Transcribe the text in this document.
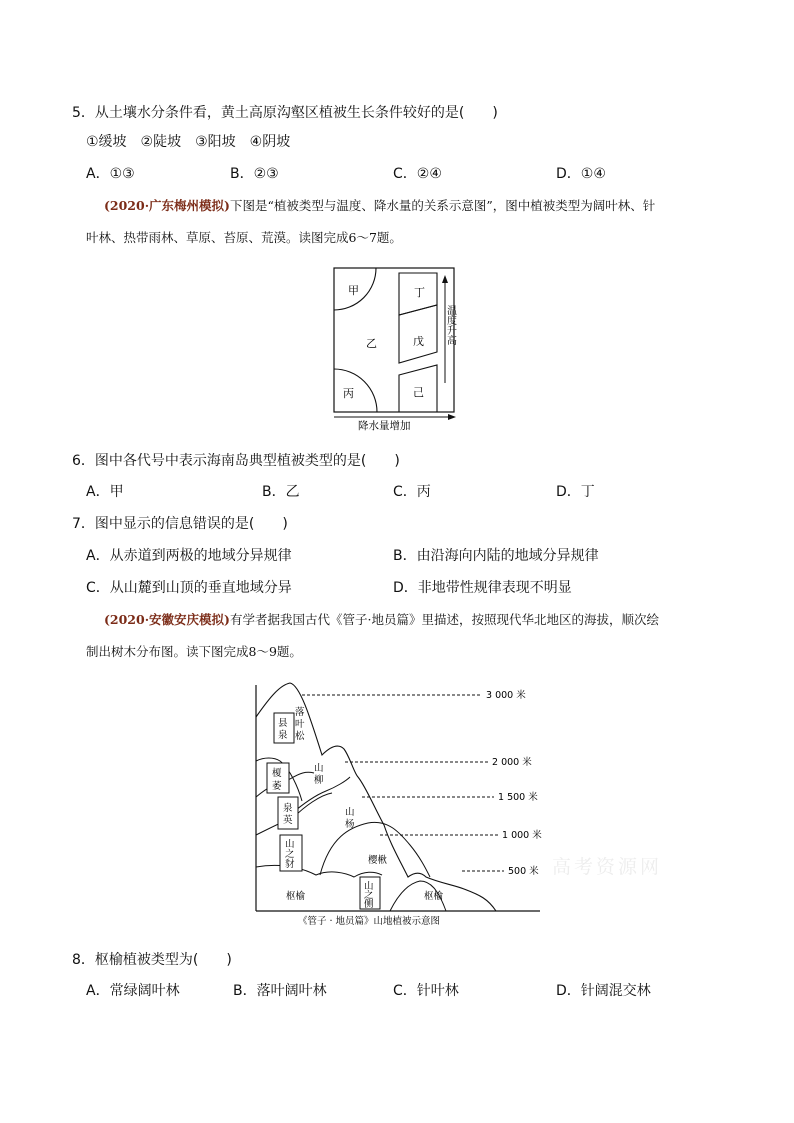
5．从土壤水分条件看，黄土高原沟壑区植被生长条件较好的是(　　)
①缓坡　②陡坡　③阳坡　④阴坡
A．①③	B．②③	C．②④	D．①④
(2020·广东梅州模拟)下图是“植被类型与温度、降水量的关系示意图”，图中植被类型为阔叶林、针
叶林、热带雨林、草原、苔原、荒漠。读图完成6～7题。
甲
乙
丙
丁
戊
己
温度升高
降水量增加
6．图中各代号中表示海南岛典型植被类型的是(　　)
A．甲	B．乙	C．丙	D．丁
7．图中显示的信息错误的是(　　)
A．从赤道到两极的地域分异规律	B．由沿海向内陆的地域分异规律
C．从山麓到山顶的垂直地域分异	D．非地带性规律表现不明显
(2020·安徽安庆模拟)有学者据我国古代《管子·地员篇》里描述，按照现代华北地区的海拔，顺次绘
制出树木分布图。读下图完成8～9题。
县
泉
落
叶
松
榎
萎
山
柳
泉
英
山
杨
山
之
豺	樱楸
枢榆
山
之
侧
枢榆
3 000 米
2 000 米
1 500 米
1 000 米
500 米
《管子 · 地员篇》山地植被示意图
高考资源网
8．枢榆植被类型为(　　)
A．常绿阔叶林	B．落叶阔叶林	C．针叶林	D．针阔混交林
